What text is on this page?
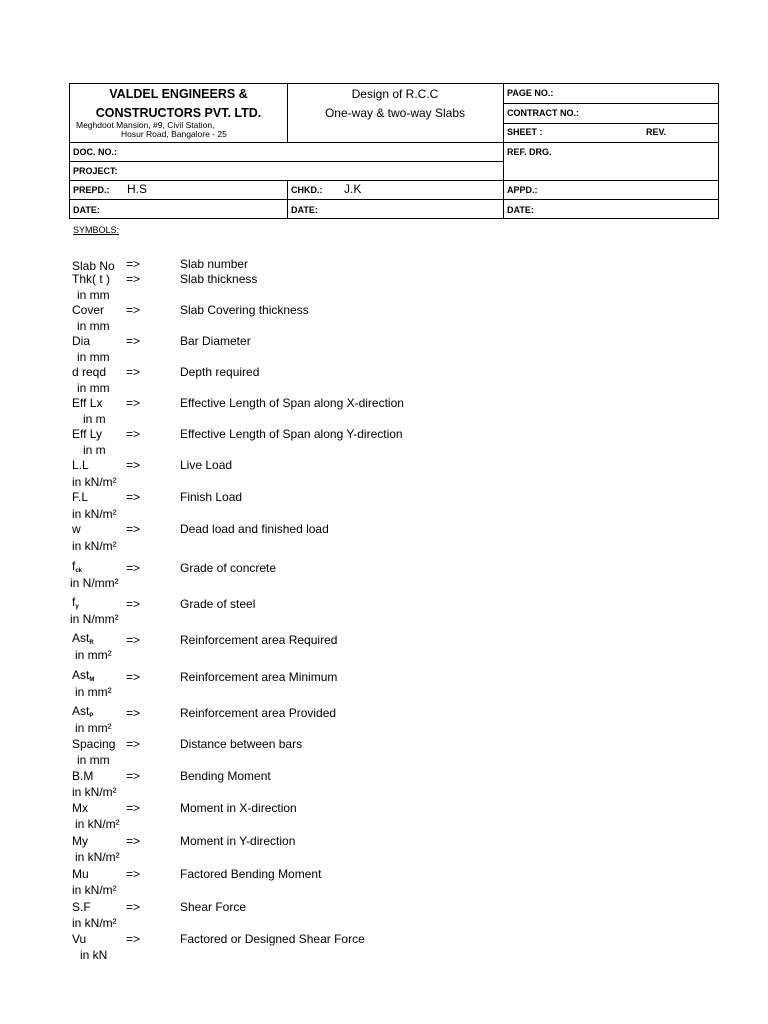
VALDEL ENGINEERS &
CONSTRUCTORS PVT. LTD.
Meghdoot Mansion, #9, Civil Station,
Hosur Road, Bangalore - 25
Design of R.C.C
One-way & two-way Slabs
PAGE NO.:
CONTRACT NO.:
SHEET :	REV.
DOC. NO.:	REF. DRG.
PROJECT:
PREPD.: H.S	CHKD.: J.K	APPD.:
DATE:	DATE:	DATE:
SYMBOLS:
Slab No =>	Slab number
Thk( t ) =>	Slab thickness
in mm
Cover =>	Slab Covering thickness
in mm
Dia	=>	Bar Diameter
in mm
d reqd =>	Depth required
in mm
Eff Lx =>	Effective Length of Span along X-direction
in m
Eff Ly =>	Effective Length of Span along Y-direction
in m
L.L	=>	Live Load
in kN/m²
F.L	=>	Finish Load
in kN/m²
w	=>	Dead load and finished load
in kN/m²
$f_{ck}$	=>	Grade of concrete
in N/mm²
$f_y$	=>	Grade of steel
in N/mm²
Ast$_R$	=>	Reinforcement area Required
in mm²
Ast$_M$	=>	Reinforcement area Minimum
in mm²
Ast$_P$	=>	Reinforcement area Provided
in mm²
Spacing =>	Distance between bars
in mm
B.M	=>	Bending Moment
in kN/m²
Mx	=>	Moment in X-direction
in kN/m²
My	=>	Moment in Y-direction
in kN/m²
Mu	=>	Factored Bending Moment
in kN/m²
S.F	=>	Shear Force
in kN/m²
Vu	=>	Factored or Designed Shear Force
in kN
